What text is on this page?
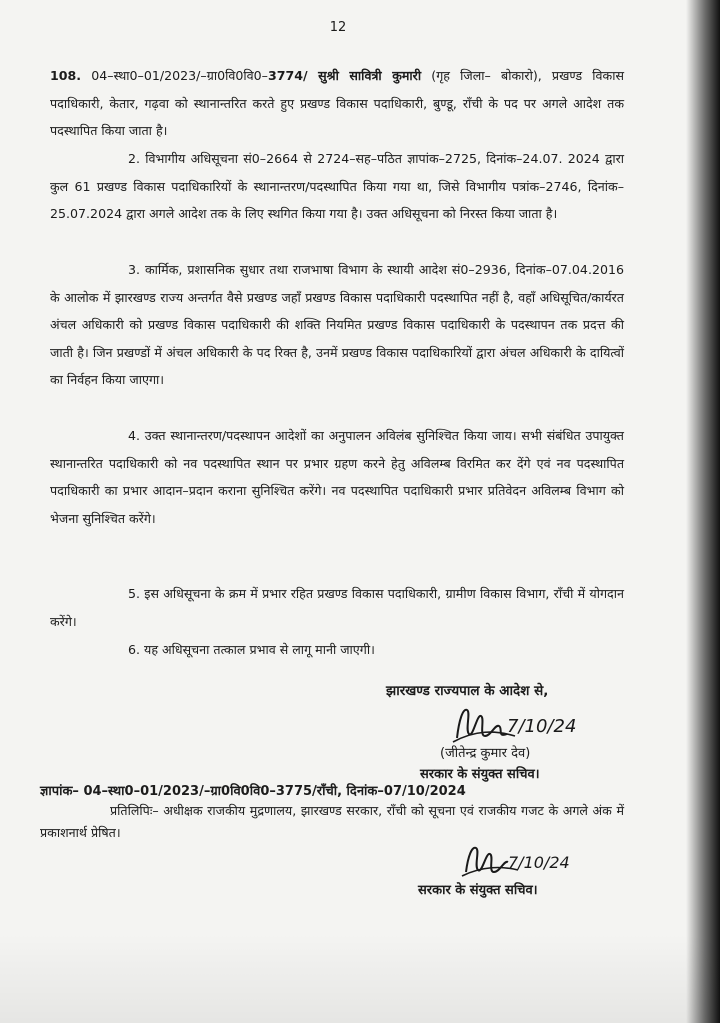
12
108. 04–स्था0–01/2023/–ग्रा0वि0वि0–3774/ सुश्री सावित्री कुमारी (गृह जिला– बोकारो), प्रखण्ड विकास पदाधिकारी, केतार, गढ़वा को स्थानान्तरित करते हुए प्रखण्ड विकास पदाधिकारी, बुण्डू, राँची के पद पर अगले आदेश तक पदस्थापित किया जाता है।
2. विभागीय अधिसूचना सं0–2664 से 2724–सह–पठित ज्ञापांक–2725, दिनांक–24.07. 2024 द्वारा कुल 61 प्रखण्ड विकास पदाधिकारियों के स्थानान्तरण/पदस्थापित किया गया था, जिसे विभागीय पत्रांक–2746, दिनांक–25.07.2024 द्वारा अगले आदेश तक के लिए स्थगित किया गया है। उक्त अधिसूचना को निरस्त किया जाता है।
3. कार्मिक, प्रशासनिक सुधार तथा राजभाषा विभाग के स्थायी आदेश सं0–2936, दिनांक–07.04.2016 के आलोक में झारखण्ड राज्य अन्तर्गत वैसे प्रखण्ड जहाँ प्रखण्ड विकास पदाधिकारी पदस्थापित नहीं है, वहाँ अधिसूचित/कार्यरत अंचल अधिकारी को प्रखण्ड विकास पदाधिकारी की शक्ति नियमित प्रखण्ड विकास पदाधिकारी के पदस्थापन तक प्रदत्त की जाती है। जिन प्रखण्डों में अंचल अधिकारी के पद रिक्त है, उनमें प्रखण्ड विकास पदाधिकारियों द्वारा अंचल अधिकारी के दायित्वों का निर्वहन किया जाएगा।
4. उक्त स्थानान्तरण/पदस्थापन आदेशों का अनुपालन अविलंब सुनिश्चित किया जाय। सभी संबंधित उपायुक्त स्थानान्तरित पदाधिकारी को नव पदस्थापित स्थान पर प्रभार ग्रहण करने हेतु अविलम्ब विरमित कर देंगे एवं नव पदस्थापित पदाधिकारी का प्रभार आदान–प्रदान कराना सुनिश्चित करेंगे। नव पदस्थापित पदाधिकारी प्रभार प्रतिवेदन अविलम्ब विभाग को भेजना सुनिश्चित करेंगे।
5. इस अधिसूचना के क्रम में प्रभार रहित प्रखण्ड विकास पदाधिकारी, ग्रामीण विकास विभाग, राँची में योगदान करेंगे।
6. यह अधिसूचना तत्काल प्रभाव से लागू मानी जाएगी।
झारखण्ड राज्यपाल के आदेश से,
7/10/24
(जीतेन्द्र कुमार देव)
सरकार के संयुक्त सचिव।
ज्ञापांक– 04–स्था0–01/2023/–ग्रा0वि0वि0–3775/राँची, दिनांक–07/10/2024
प्रतिलिपिः– अधीक्षक राजकीय मुद्रणालय, झारखण्ड सरकार, राँची को सूचना एवं राजकीय गजट के अगले अंक में प्रकाशनार्थ प्रेषित।
7/10/24
सरकार के संयुक्त सचिव।
